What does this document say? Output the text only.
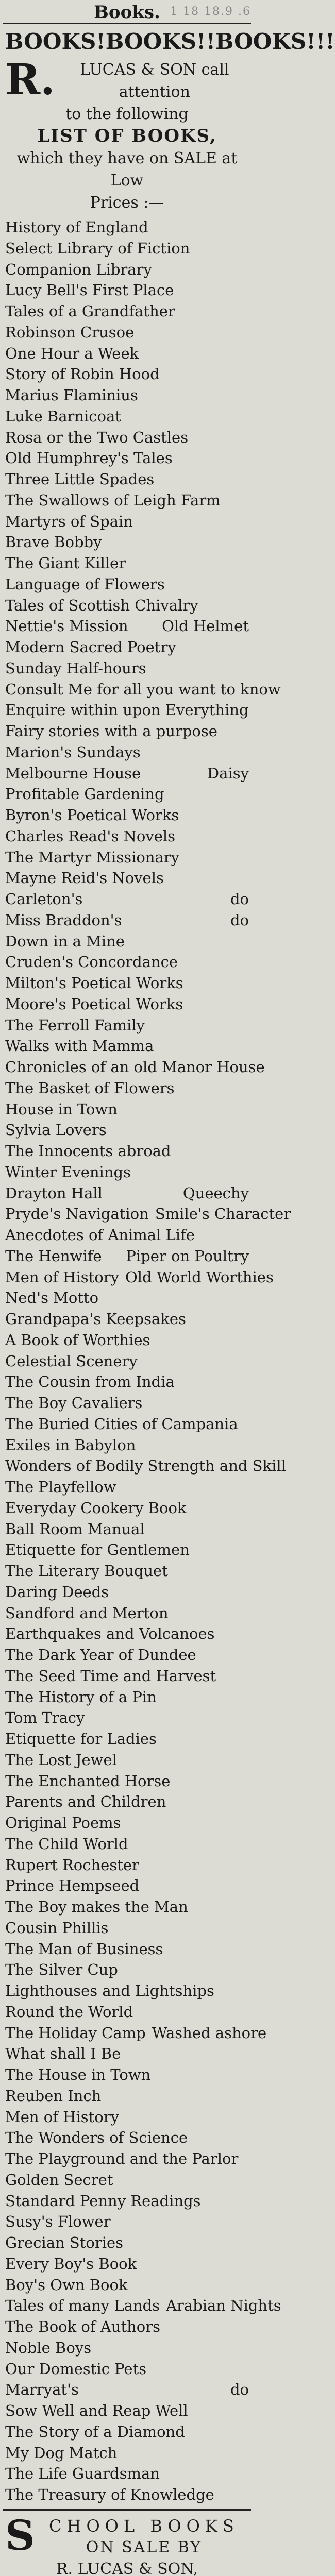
Books. 1 18 18.9 .6
BOOKS! BOOKS!! BOOKS!!!
R.	LUCAS & SON call attention
to the following
LIST OF BOOKS,
which they have on SALE at Low
Prices :—
History of England
Select Library of Fiction
Companion Library
Lucy Bell's First Place
Tales of a Grandfather
Robinson Crusoe
One Hour a Week
Story of Robin Hood
Marius Flaminius
Luke Barnicoat
Rosa or the Two Castles
Old Humphrey's Tales
Three Little Spades
The Swallows of Leigh Farm
Martyrs of Spain
Brave Bobby
The Giant Killer
Language of Flowers
Tales of Scottish Chivalry
Nettie's Mission	Old Helmet
Modern Sacred Poetry
Sunday Half-hours
Consult Me for all you want to know
Enquire within upon Everything
Fairy stories with a purpose
Marion's Sundays
Melbourne House	Daisy
Profitable Gardening
Byron's Poetical Works
Charles Read's Novels
The Martyr Missionary
Mayne Reid's Novels
Carleton's	do
Miss Braddon's	do
Down in a Mine
Cruden's Concordance
Milton's Poetical Works
Moore's Poetical Works
The Ferroll Family
Walks with Mamma
Chronicles of an old Manor House
The Basket of Flowers
House in Town
Sylvia Lovers
The Innocents abroad
Winter Evenings
Drayton Hall	Queechy
Pryde's Navigation Smile's Character
Anecdotes of Animal Life
The Henwife	Piper on Poultry
Men of History Old World Worthies
Ned's Motto
Grandpapa's Keepsakes
A Book of Worthies
Celestial Scenery
The Cousin from India
The Boy Cavaliers
The Buried Cities of Campania
Exiles in Babylon
Wonders of Bodily Strength and Skill
The Playfellow
Everyday Cookery Book
Ball Room Manual
Etiquette for Gentlemen
The Literary Bouquet
Daring Deeds
Sandford and Merton
Earthquakes and Volcanoes
The Dark Year of Dundee
The Seed Time and Harvest
The History of a Pin
Tom Tracy
Etiquette for Ladies
The Lost Jewel
The Enchanted Horse
Parents and Children
Original Poems
The Child World
Rupert Rochester
Prince Hempseed
The Boy makes the Man
Cousin Phillis
The Man of Business
The Silver Cup
Lighthouses and Lightships
Round the World
The Holiday Camp Washed ashore
What shall I Be
The House in Town
Reuben Inch
Men of History
The Wonders of Science
The Playground and the Parlor
Golden Secret
Standard Penny Readings
Susy's Flower
Grecian Stories
Every Boy's Book
Boy's Own Book
Tales of many Lands Arabian Nights
The Book of Authors
Noble Boys
Our Domestic Pets
Marryat's	do
Sow Well and Reap Well
The Story of a Diamond
My Dog Match
The Life Guardsman
The Treasury of Knowledge
S CHOOL BOOKS
ON SALE BY
R. LUCAS & SON,
